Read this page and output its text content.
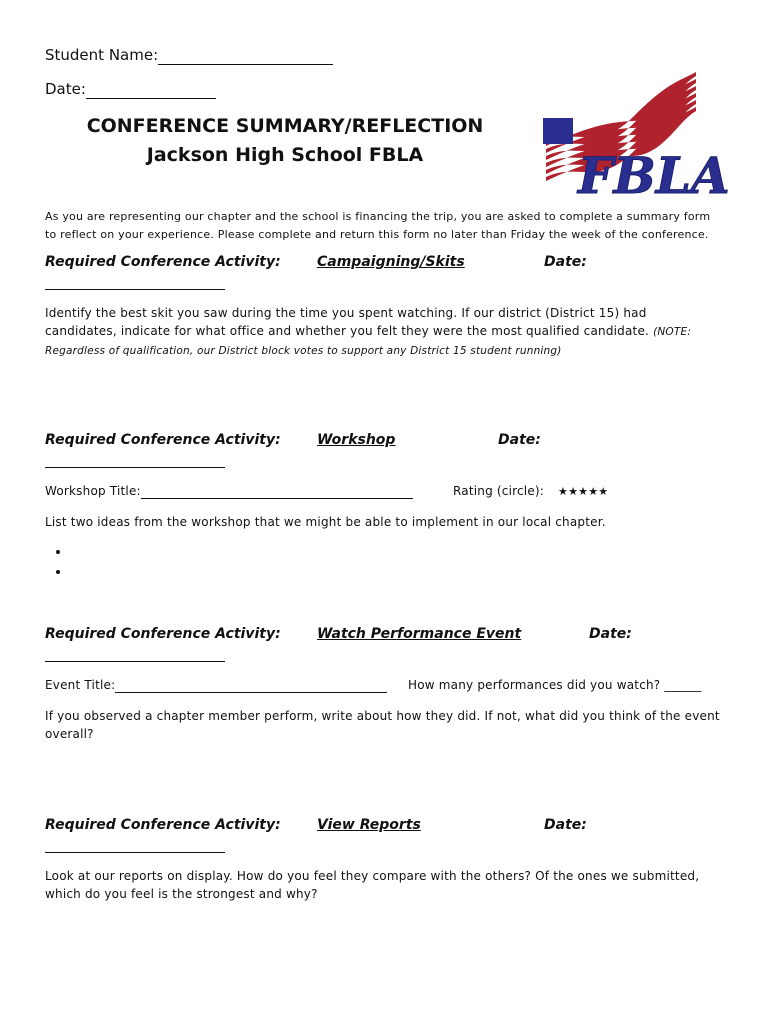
Student Name:
Date:
CONFERENCE SUMMARY/REFLECTION
Jackson High School FBLA	FBLA
As you are representing our chapter and the school is financing the trip, you are asked to complete a summary form to reflect on your experience. Please complete and return this form no later than Friday the week of the conference.
Required Conference Activity:	Campaigning/Skits	Date:
Identify the best skit you saw during the time you spent watching. If our district (District 15) had candidates, indicate for what office and whether you felt they were the most qualified candidate. (NOTE: Regardless of qualification, our District block votes to support any District 15 student running)
Required Conference Activity:	Workshop	Date:
Workshop Title:	Rating (circle): ★★★★★
List two ideas from the workshop that we might be able to implement in our local chapter.
Required Conference Activity:	Watch Performance Event	Date:
Event Title:	How many performances did you watch? ______
If you observed a chapter member perform, write about how they did. If not, what did you think of the event overall?
Required Conference Activity:	View Reports	Date:
Look at our reports on display. How do you feel they compare with the others? Of the ones we submitted, which do you feel is the strongest and why?
